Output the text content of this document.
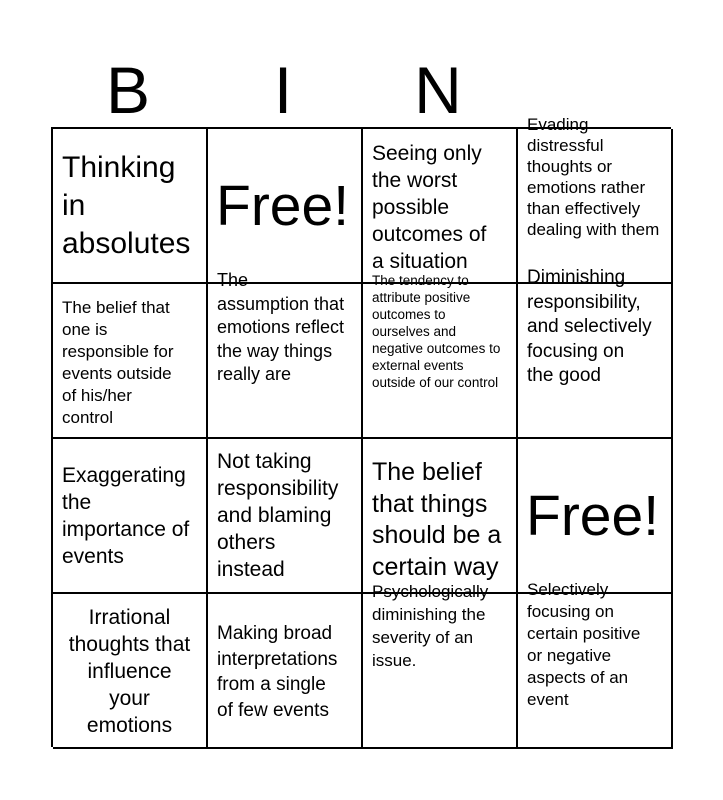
B	I	N
Thinking
in
absolutes
Free!
Seeing only
the worst
possible
outcomes of
a situation
Evading
distressful
thoughts or
emotions rather
than effectively
dealing with them
The belief that
one is
responsible for
events outside
of his/her
control
The
assumption that
emotions reflect
the way things
really are
The tendency to
attribute positive
outcomes to
ourselves and
negative outcomes to
external events
outside of our control
Diminishing
responsibility,
and selectively
focusing on
the good
Exaggerating
the
importance of
events
Not taking
responsibility
and blaming
others
instead
The belief
that things
should be a
certain way
Free!
Irrational
thoughts that
influence
your
emotions
Making broad
interpretations
from a single
of few events
Psychologically
diminishing the
severity of an
issue.
Selectively
focusing on
certain positive
or negative
aspects of an
event
